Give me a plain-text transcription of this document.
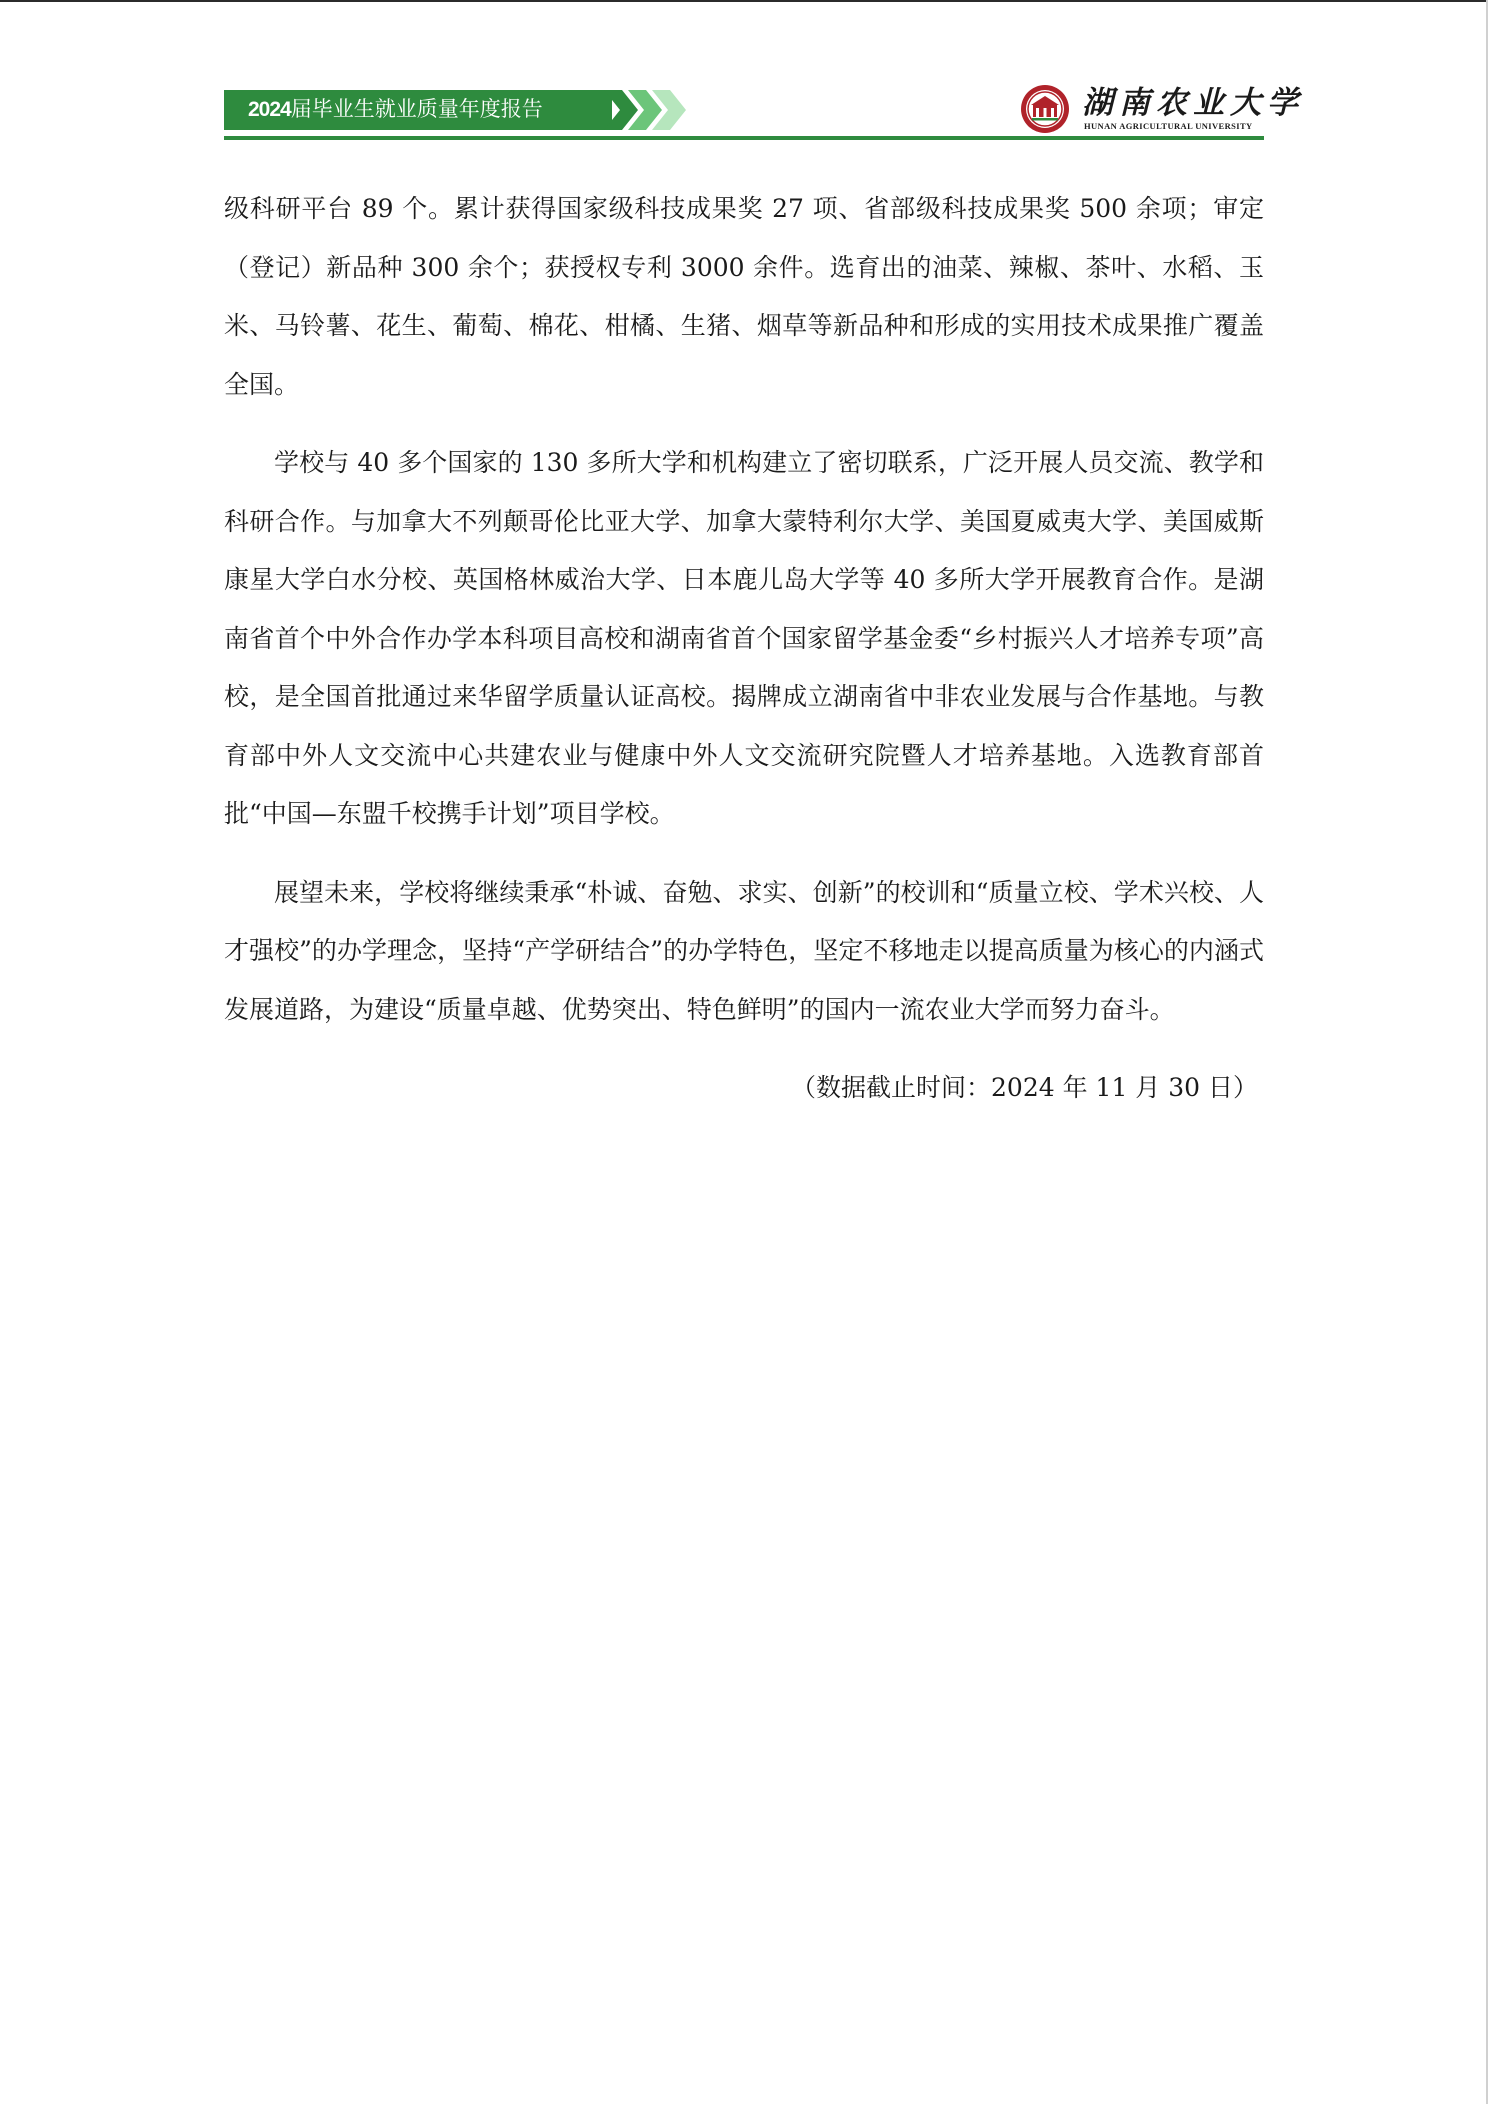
2024届毕业生就业质量年度报告	湖南农业大学
HUNAN AGRICULTURAL UNIVERSITY

级科研平台 89 个。累计获得国家级科技成果奖 27 项、省部级科技成果奖 500 余项；审定（登记）新品种 300 余个；获授权专利 3000 余件。选育出的油菜、辣椒、茶叶、水稻、玉米、马铃薯、花生、葡萄、棉花、柑橘、生猪、烟草等新品种和形成的实用技术成果推广覆盖全国。

学校与 40 多个国家的 130 多所大学和机构建立了密切联系，广泛开展人员交流、教学和科研合作。与加拿大不列颠哥伦比亚大学、加拿大蒙特利尔大学、美国夏威夷大学、美国威斯康星大学白水分校、英国格林威治大学、日本鹿儿岛大学等 40 多所大学开展教育合作。是湖南省首个中外合作办学本科项目高校和湖南省首个国家留学基金委“乡村振兴人才培养专项”高校，是全国首批通过来华留学质量认证高校。揭牌成立湖南省中非农业发展与合作基地。与教育部中外人文交流中心共建农业与健康中外人文交流研究院暨人才培养基地。入选教育部首批“中国—东盟千校携手计划”项目学校。

展望未来，学校将继续秉承“朴诚、奋勉、求实、创新”的校训和“质量立校、学术兴校、人才强校”的办学理念，坚持“产学研结合”的办学特色，坚定不移地走以提高质量为核心的内涵式发展道路，为建设“质量卓越、优势突出、特色鲜明”的国内一流农业大学而努力奋斗。

（数据截止时间：2024 年 11 月 30 日）
